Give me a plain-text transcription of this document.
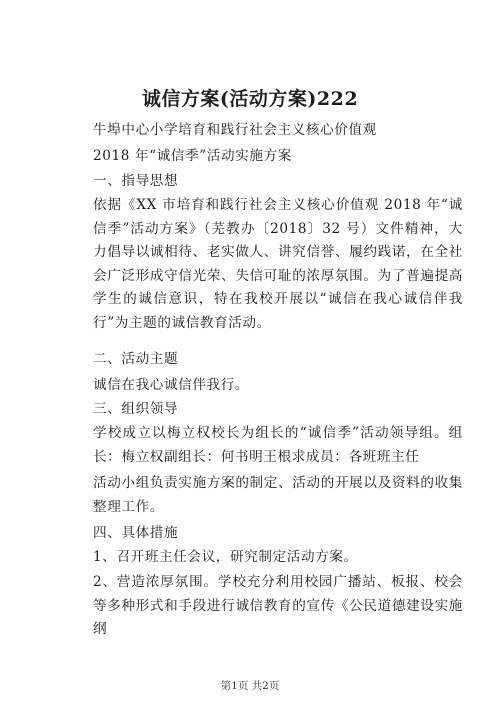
诚信方案(活动方案)222
牛埠中心小学培育和践行社会主义核心价值观
2018 年“诚信季”活动实施方案
一、指导思想
依据《XX 市培育和践行社会主义核心价值观 2018 年“诚信季”活动方案》（芜教办〔2018〕32 号）文件精神，大力倡导以诚相待、老实做人、讲究信誉、履约践诺，在全社会广泛形成守信光荣、失信可耻的浓厚氛围。为了普遍提高学生的诚信意识，特在我校开展以“诚信在我心诚信伴我行”为主题的诚信教育活动。
二、活动主题
诚信在我心诚信伴我行。
三、组织领导
学校成立以梅立权校长为组长的“诚信季”活动领导组。组长：梅立权副组长：何书明王根求成员：各班班主任
活动小组负责实施方案的制定、活动的开展以及资料的收集整理工作。
四、具体措施
1、召开班主任会议，研究制定活动方案。
2、营造浓厚氛围。学校充分利用校园广播站、板报、校会等多种形式和手段进行诚信教育的宣传《公民道德建设实施纲
第1页 共2页
